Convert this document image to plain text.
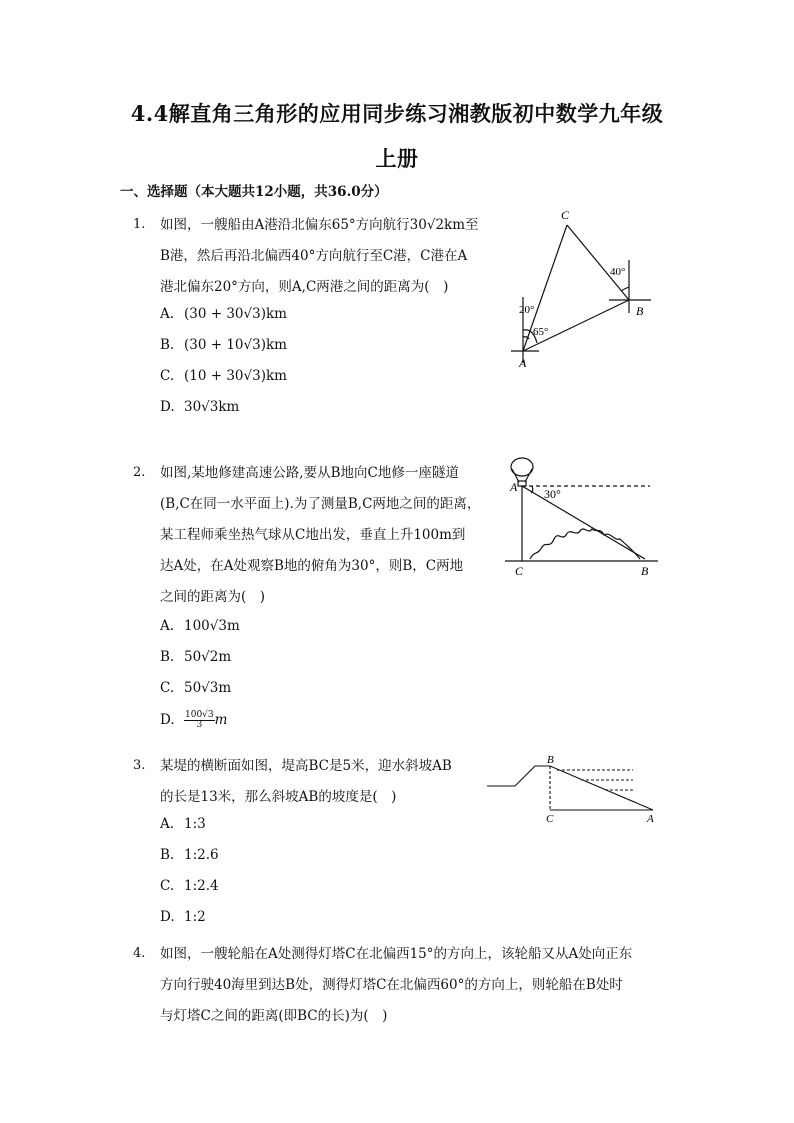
4.4解直角三角形的应用同步练习湘教版初中数学九年级
上册
一、选择题（本大题共12小题，共36.0分）
1. 如图，一艘船由A港沿北偏东65°方向航行30√2km至
B港，然后再沿北偏西40°方向航行至C港，C港在A
港北偏东20°方向，则A,C两港之间的距离为(　)
A. (30 + 30√3)km
B. (30 + 10√3)km
C. (10 + 30√3)km
D. 30√3km
C
B
A
40°
20°
65°
2. 如图,某地修建高速公路,要从B地向C地修一座隧道
(B,C在同一水平面上).为了测量B,C两地之间的距离，
某工程师乘坐热气球从C地出发，垂直上升100m到
达A处，在A处观察B地的俯角为30°，则B，C两地
之间的距离为(　)
A. 100√3m
B. 50√2m
C. 50√3m
D. $\frac{100√3}{3}$ m
A
C	B
30°
3. 某堤的横断面如图，堤高BC是5米，迎水斜坡AB
的长是13米，那么斜坡AB的坡度是(　)
A. 1:3
B. 1:2.6
C. 1:2.4
D. 1:2
B
C	A
4. 如图，一艘轮船在A处测得灯塔C在北偏西15°的方向上，该轮船又从A处向正东
方向行驶40海里到达B处，测得灯塔C在北偏西60°的方向上，则轮船在B处时
与灯塔C之间的距离(即BC的长)为(　)
